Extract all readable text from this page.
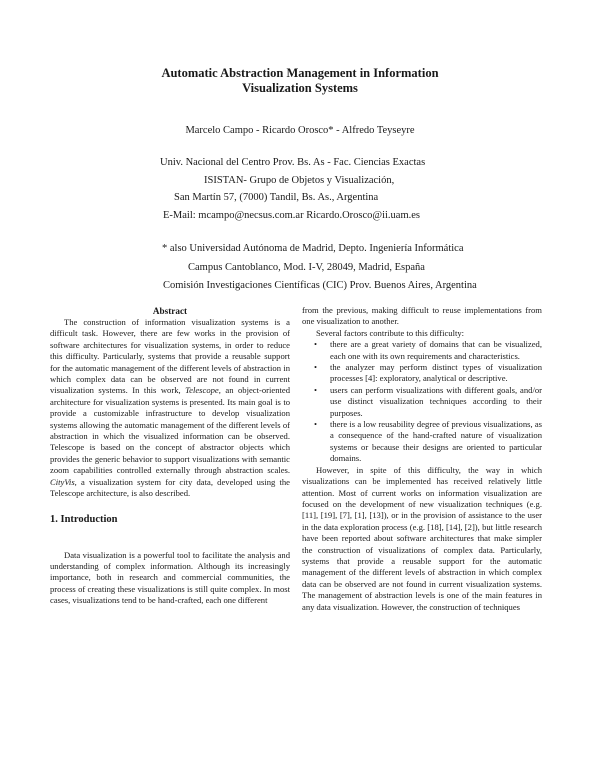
Automatic Abstraction Management in Information
Visualization Systems
Marcelo Campo - Ricardo Orosco* - Alfredo Teyseyre
Univ. Nacional del Centro Prov. Bs. As - Fac. Ciencias Exactas
ISISTAN- Grupo de Objetos y Visualización,
San Martín 57, (7000) Tandil, Bs. As., Argentina
E-Mail: mcampo@necsus.com.ar Ricardo.Orosco@ii.uam.es
* also Universidad Autónoma de Madrid, Depto. Ingeniería Informática
Campus Cantoblanco, Mod. I-V, 28049, Madrid, España
Comisión Investigaciones Científicas (CIC) Prov. Buenos Aires, Argentina
Abstract

The construction of information visualization systems is a difficult task. However, there are few works in the provision of software architectures for visualization systems, in order to reduce this difficulty. Particularly, systems that provide a reusable support for the automatic management of the different levels of abstraction in which complex data can be observed are not found in current visualization systems. In this work, Telescope, an object-oriented architecture for visualization systems is presented. Its main goal is to provide a customizable infrastructure to develop visualization systems allowing the automatic management of the different levels of abstraction in which the visualized information can be observed. Telescope is based on the concept of abstractor objects which provides the generic behavior to support visualizations with semantic zoom capabilities controlled externally through abstraction scales. CityVis, a visualization system for city data, developed using the Telescope architecture, is also described.

1. Introduction

Data visualization is a powerful tool to facilitate the analysis and understanding of complex information. Although its increasingly importance, both in research and commercial communities, the process of creating these visualizations is still quite complex. In most cases, visualizations tend to be hand-crafted, each one different

from the previous, making difficult to reuse implementations from one visualization to another.

Several factors contribute to this difficulty:

• there are a great variety of domains that can be visualized, each one with its own requirements and characteristics.
• the analyzer may perform distinct types of visualization processes [4]: exploratory, analytical or descriptive.
• users can perform visualizations with different goals, and/or use distinct visualization techniques according to their purposes.
• there is a low reusability degree of previous visualizations, as a consequence of the hand-crafted nature of visualization systems or because their designs are oriented to particular domains.

However, in spite of this difficulty, the way in which visualizations can be implemented has received relatively little attention. Most of current works on information visualization are focused on the development of new visualization techniques (e.g. [11], [19], [7], [1], [13]), or in the provision of assistance to the user in the data exploration process (e.g. [18], [14], [2]), but little research have been reported about software architectures that make simpler the construction of visualizations of complex data. Particularly, systems that provide a reusable support for the automatic management of the different levels of abstraction in which complex data can be observed are not found in current visualization systems. The management of abstraction levels is one of the main features in any data visualization. However, the construction of techniques
